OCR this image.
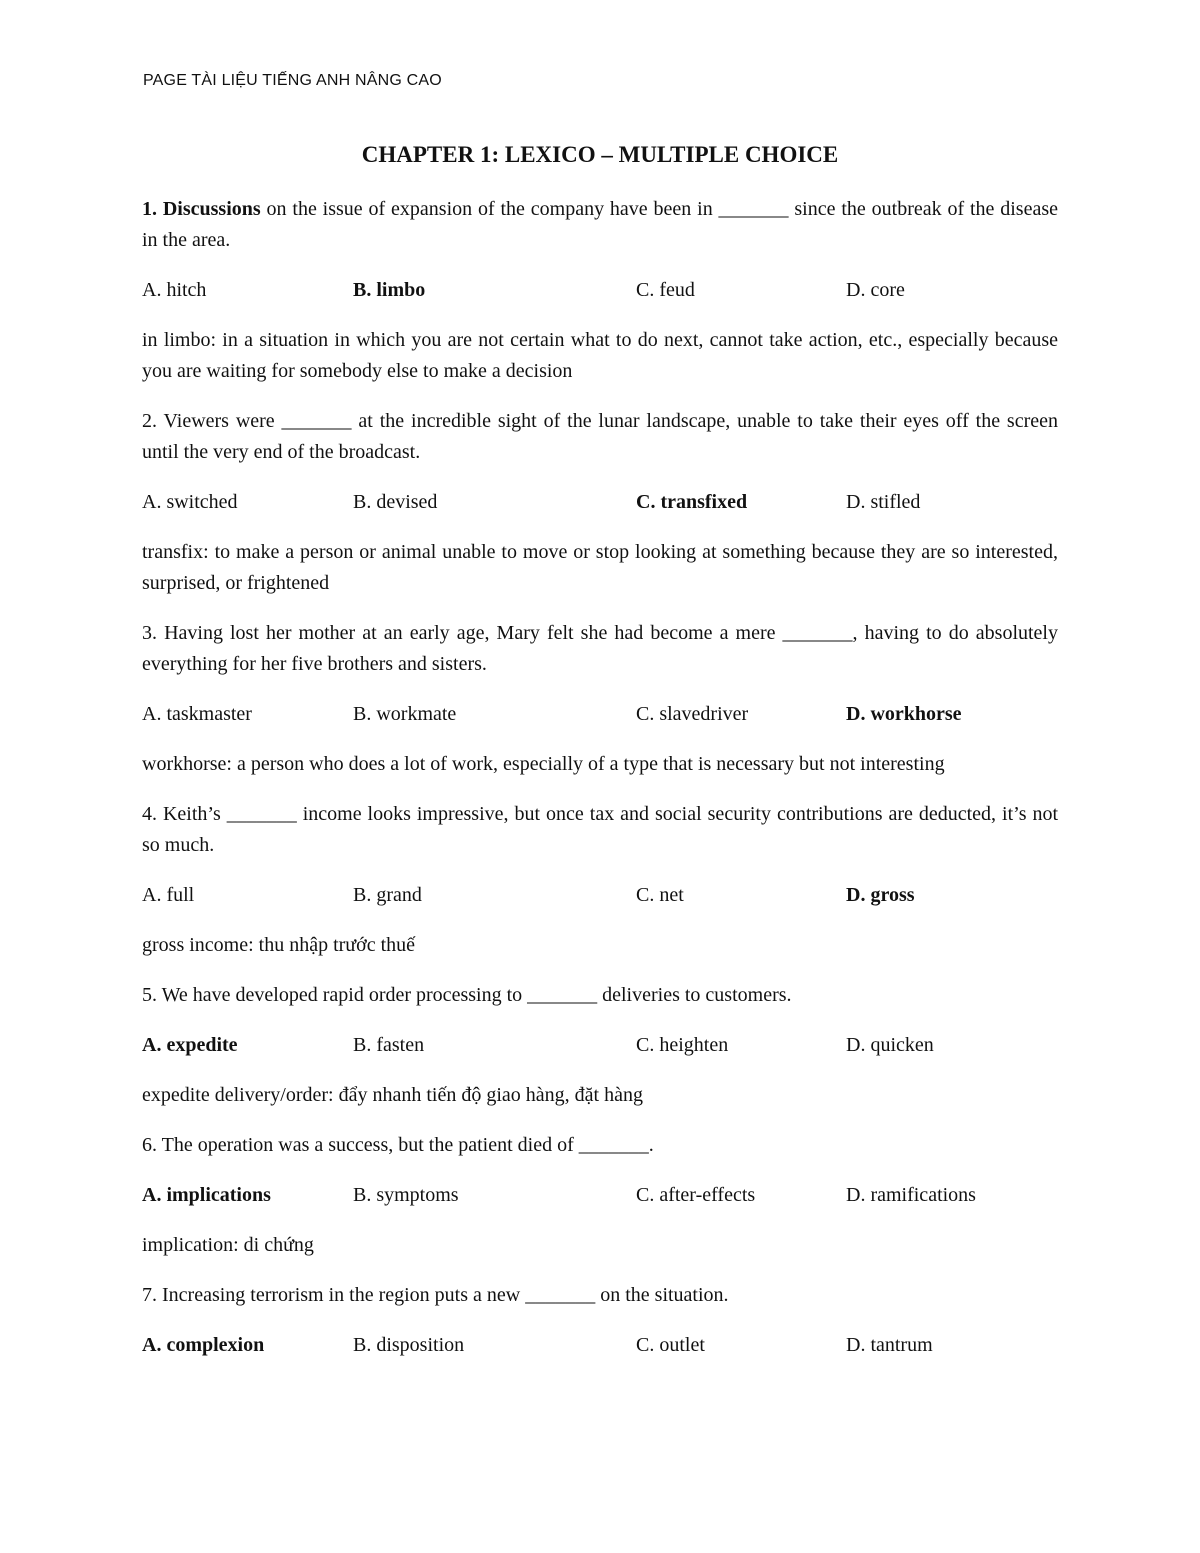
PAGE TÀI LIỆU TIẾNG ANH NÂNG CAO
CHAPTER 1: LEXICO – MULTIPLE CHOICE
1. Discussions on the issue of expansion of the company have been in _______ since the outbreak of the disease in the area.
A. hitch	B. limbo	C. feud	D. core
in limbo: in a situation in which you are not certain what to do next, cannot take action, etc., especially because you are waiting for somebody else to make a decision
2. Viewers were _______ at the incredible sight of the lunar landscape, unable to take their eyes off the screen until the very end of the broadcast.
A. switched	B. devised	C. transfixed	D. stifled
transfix: to make a person or animal unable to move or stop looking at something because they are so interested, surprised, or frightened
3. Having lost her mother at an early age, Mary felt she had become a mere _______, having to do absolutely everything for her five brothers and sisters.
A. taskmaster	B. workmate	C. slavedriver	D. workhorse
workhorse: a person who does a lot of work, especially of a type that is necessary but not interesting
4. Keith’s _______ income looks impressive, but once tax and social security contributions are deducted, it’s not so much.
A. full	B. grand	C. net	D. gross
gross income: thu nhập trước thuế
5. We have developed rapid order processing to _______ deliveries to customers.
A. expedite	B. fasten	C. heighten	D. quicken
expedite delivery/order: đẩy nhanh tiến độ giao hàng, đặt hàng
6. The operation was a success, but the patient died of _______.
A. implications	B. symptoms	C. after-effects	D. ramifications
implication: di chứng
7. Increasing terrorism in the region puts a new _______ on the situation.
A. complexion	B. disposition	C. outlet	D. tantrum
